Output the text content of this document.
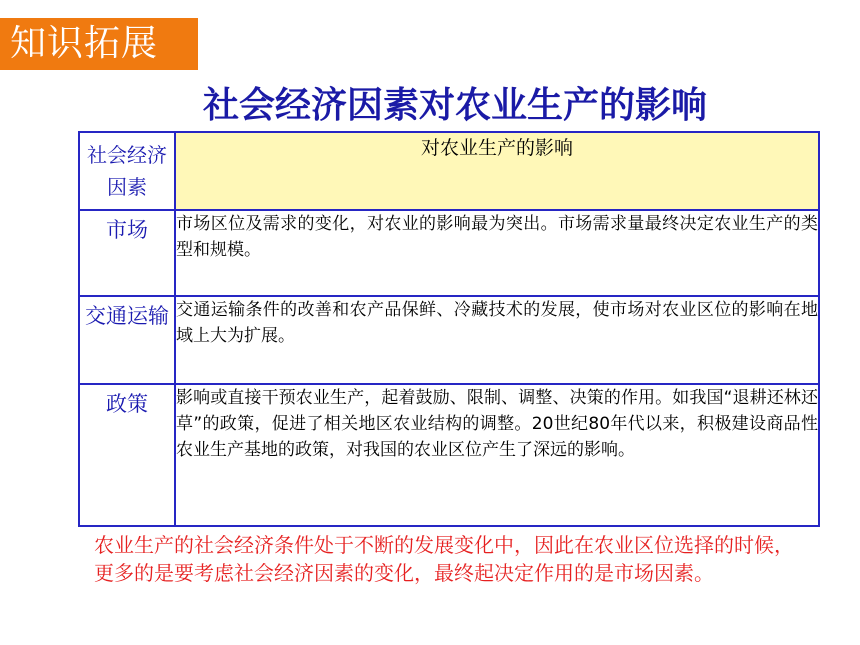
知识拓展
社会经济因素对农业生产的影响
社会经济因素	对农业生产的影响
市场	市场区位及需求的变化，对农业的影响最为突出。市场需求量最终决定农业生产的类型和规模。
交通运输	交通运输条件的改善和农产品保鲜、冷藏技术的发展，使市场对农业区位的影响在地域上大为扩展。
政策	影响或直接干预农业生产，起着鼓励、限制、调整、决策的作用。如我国“退耕还林还草”的政策，促进了相关地区农业结构的调整。20世纪80年代以来，积极建设商品性农业生产基地的政策，对我国的农业区位产生了深远的影响。

农业生产的社会经济条件处于不断的发展变化中，因此在农业区位选择的时候，更多的是要考虑社会经济因素的变化，最终起决定作用的是市场因素。
